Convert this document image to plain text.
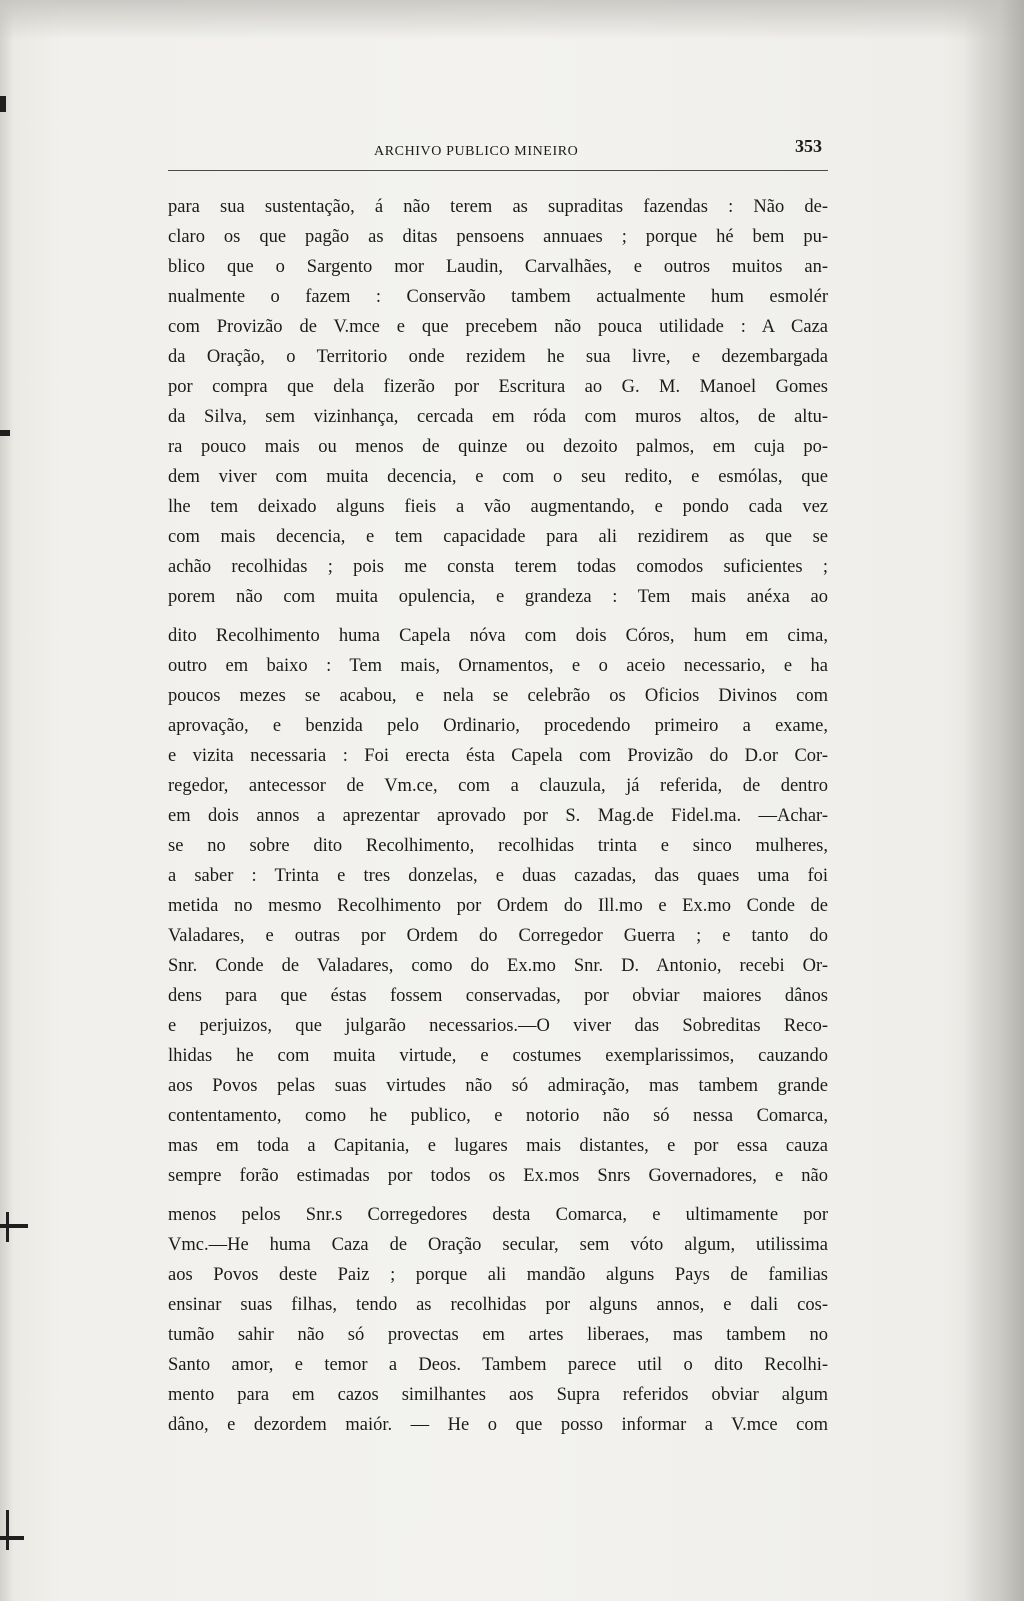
ARCHIVO PUBLICO MINEIRO	353
para sua sustentação, á não terem as supraditas fazendas : Não de-
claro os que pagão as ditas pensoens annuaes ; porque hé bem pu-
blico que o Sargento mor Laudin, Carvalhães, e outros muitos an-
nualmente o fazem : Conservão tambem actualmente hum esmolér
com Provizão de V.mce e que precebem não pouca utilidade : A Caza
da Oração, o Territorio onde rezidem he sua livre, e dezembargada
por compra que dela fizerão por Escritura ao G. M. Manoel Gomes
da Silva, sem vizinhança, cercada em róda com muros altos, de altu-
ra pouco mais ou menos de quinze ou dezoito palmos, em cuja po-
dem viver com muita decencia, e com o seu redito, e esmólas, que
lhe tem deixado alguns fieis a vão augmentando, e pondo cada vez
com mais decencia, e tem capacidade para ali rezidirem as que se
achão recolhidas ; pois me consta terem todas comodos suficientes ;
porem não com muita opulencia, e grandeza : Tem mais anéxa ao
dito Recolhimento huma Capela nóva com dois Córos, hum em cima,
outro em baixo : Tem mais, Ornamentos, e o aceio necessario, e ha
poucos mezes se acabou, e nela se celebrão os Oficios Divinos com
aprovação, e benzida pelo Ordinario, procedendo primeiro a exame,
e vizita necessaria : Foi erecta ésta Capela com Provizão do D.or Cor-
regedor, antecessor de Vm.ce, com a clauzula, já referida, de dentro
em dois annos a aprezentar aprovado por S. Mag.de Fidel.ma. —Achar-
se no sobre dito Recolhimento, recolhidas trinta e sinco mulheres,
a saber : Trinta e tres donzelas, e duas cazadas, das quaes uma foi
metida no mesmo Recolhimento por Ordem do Ill.mo e Ex.mo Conde de
Valadares, e outras por Ordem do Corregedor Guerra ; e tanto do
Snr. Conde de Valadares, como do Ex.mo Snr. D. Antonio, recebi Or-
dens para que éstas fossem conservadas, por obviar maiores dânos
e perjuizos, que julgarão necessarios.—O viver das Sobreditas Reco-
lhidas he com muita virtude, e costumes exemplarissimos, cauzando
aos Povos pelas suas virtudes não só admiração, mas tambem grande
contentamento, como he publico, e notorio não só nessa Comarca,
mas em toda a Capitania, e lugares mais distantes, e por essa cauza
sempre forão estimadas por todos os Ex.mos Snrs Governadores, e não
menos pelos Snr.s Corregedores desta Comarca, e ultimamente por
Vmc.—He huma Caza de Oração secular, sem vóto algum, utilissima
aos Povos deste Paiz ; porque ali mandão alguns Pays de familias
ensinar suas filhas, tendo as recolhidas por alguns annos, e dali cos-
tumão sahir não só provectas em artes liberaes, mas tambem no
Santo amor, e temor a Deos. Tambem parece util o dito Recolhi-
mento para em cazos similhantes aos Supra referidos obviar algum
dâno, e dezordem maiór. — He o que posso informar a V.mce com
